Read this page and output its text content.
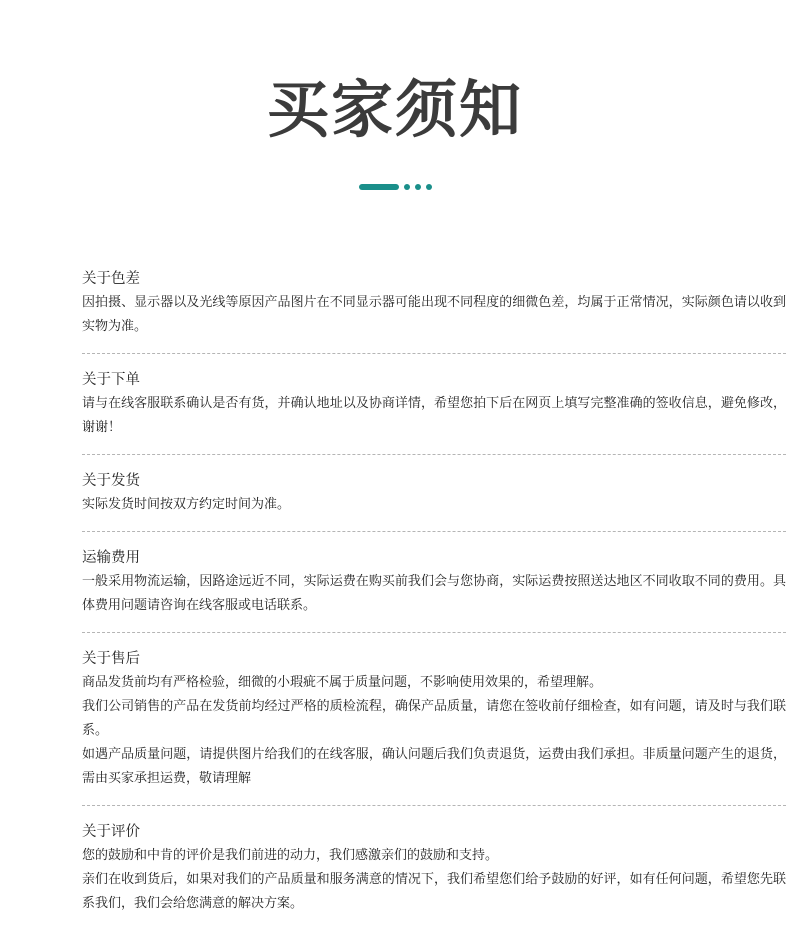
买家须知
关于色差

因拍摄、显示器以及光线等原因产品图片在不同显示器可能出现不同程度的细微色差，均属于正常情况，实际颜色请以收到实物为准。

关于下单

请与在线客服联系确认是否有货，并确认地址以及协商详情，希望您拍下后在网页上填写完整准确的签收信息，避免修改，谢谢！

关于发货

实际发货时间按双方约定时间为准。

运输费用

一般采用物流运输，因路途远近不同，实际运费在购买前我们会与您协商，实际运费按照送达地区不同收取不同的费用。具体费用问题请咨询在线客服或电话联系。

关于售后

商品发货前均有严格检验，细微的小瑕疵不属于质量问题，不影响使用效果的，希望理解。

我们公司销售的产品在发货前均经过严格的质检流程，确保产品质量，请您在签收前仔细检查，如有问题，请及时与我们联系。

如遇产品质量问题，请提供图片给我们的在线客服，确认问题后我们负责退货，运费由我们承担。非质量问题产生的退货，需由买家承担运费，敬请理解

关于评价

您的鼓励和中肯的评价是我们前进的动力，我们感激亲们的鼓励和支持。

亲们在收到货后，如果对我们的产品质量和服务满意的情况下，我们希望您们给予鼓励的好评，如有任何问题，希望您先联系我们，我们会给您满意的解决方案。
